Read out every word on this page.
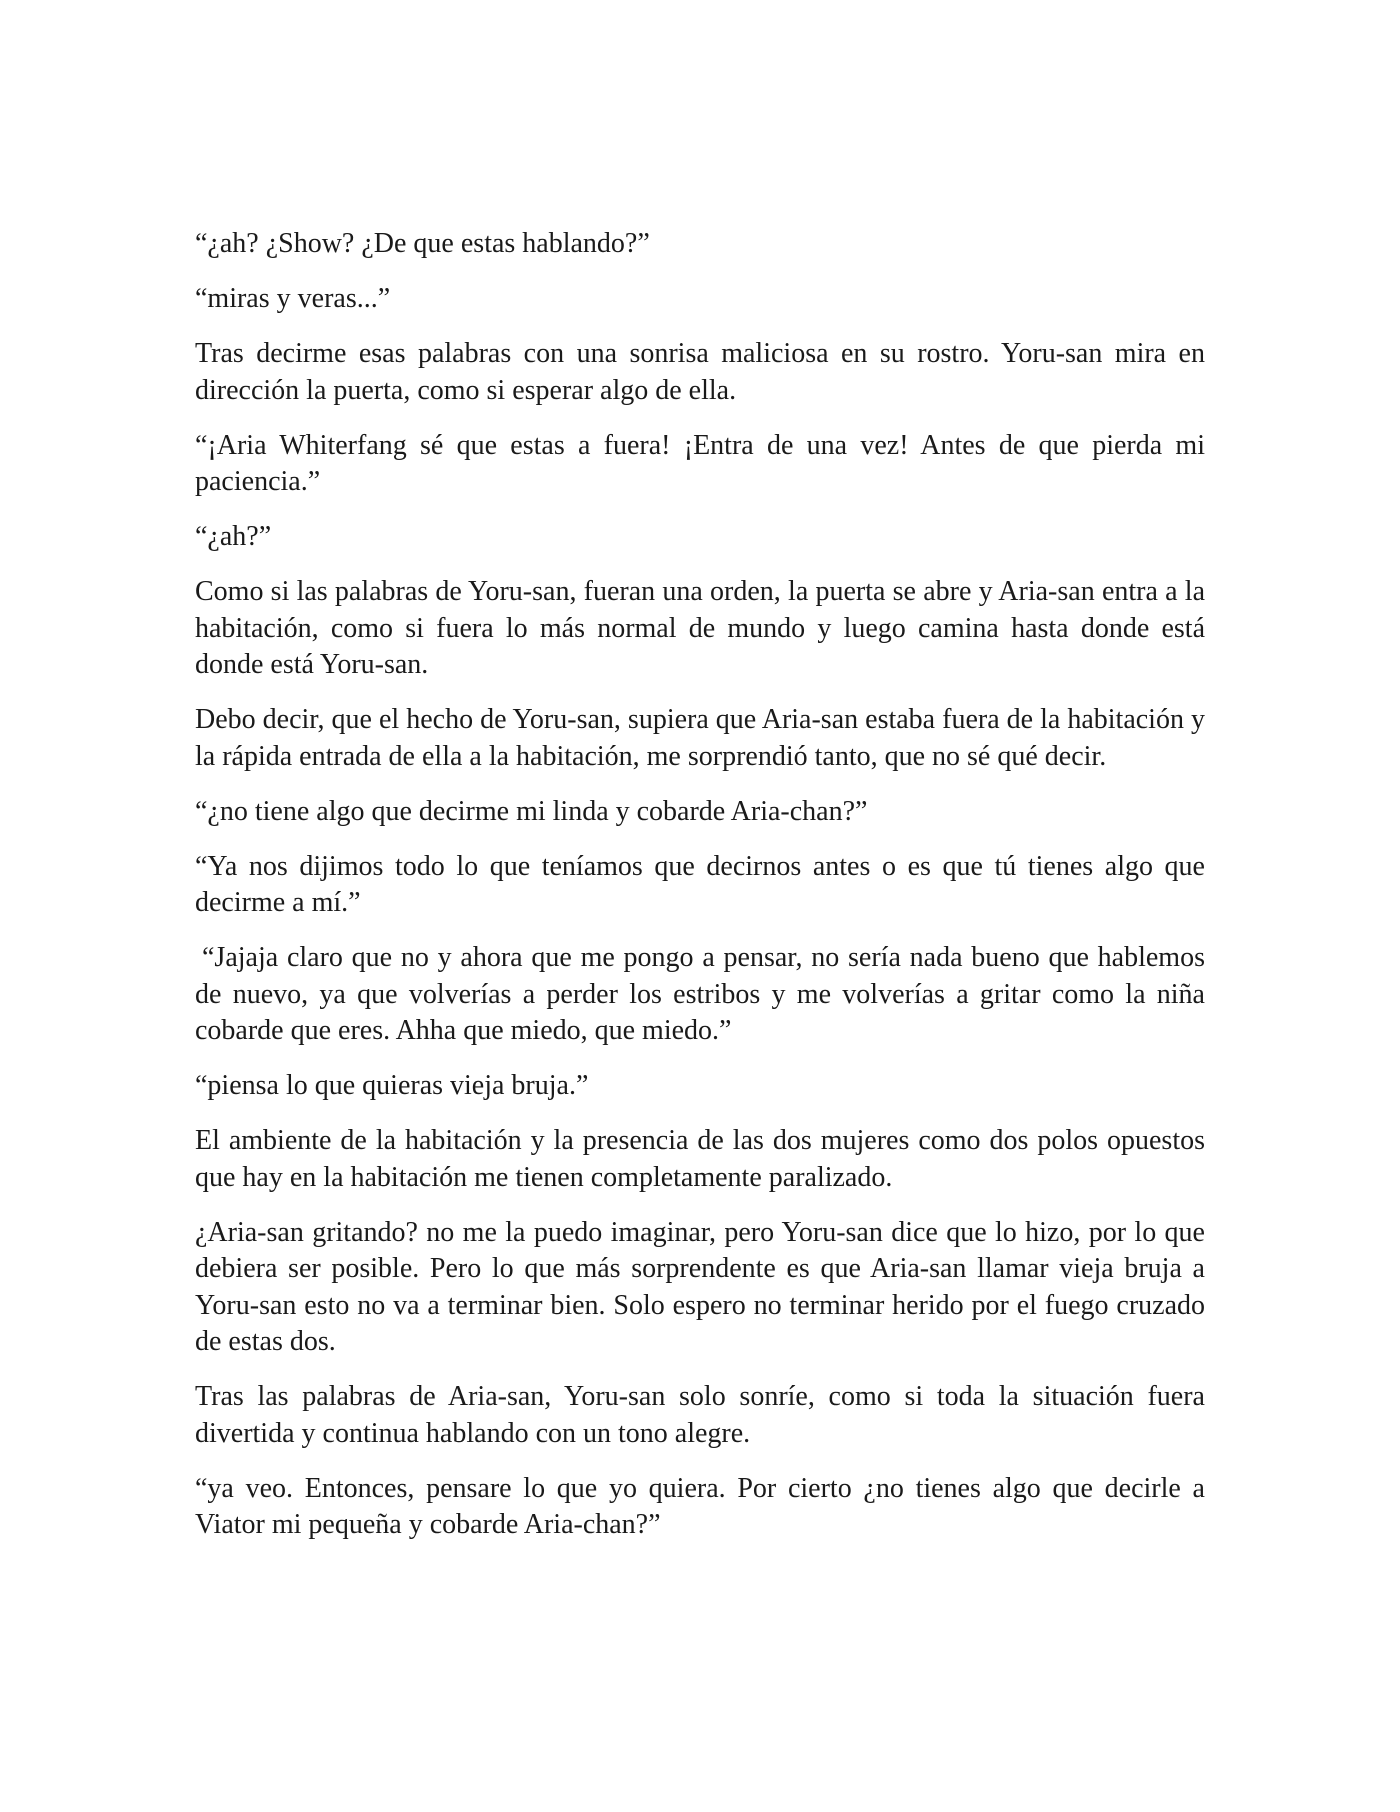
“¿ah? ¿Show? ¿De que estas hablando?”

“miras y veras...”

Tras decirme esas palabras con una sonrisa maliciosa en su rostro. Yoru-san mira en dirección la puerta, como si esperar algo de ella.

“¡Aria Whiterfang sé que estas a fuera! ¡Entra de una vez! Antes de que pierda mi paciencia.”

“¿ah?”

Como si las palabras de Yoru-san, fueran una orden, la puerta se abre y Aria-san entra a la habitación, como si fuera lo más normal de mundo y luego camina hasta donde está donde está Yoru-san.

Debo decir, que el hecho de Yoru-san, supiera que Aria-san estaba fuera de la habitación y la rápida entrada de ella a la habitación, me sorprendió tanto, que no sé qué decir.

“¿no tiene algo que decirme mi linda y cobarde Aria-chan?”

“Ya nos dijimos todo lo que teníamos que decirnos antes o es que tú tienes algo que decirme a mí.”

“Jajaja claro que no y ahora que me pongo a pensar, no sería nada bueno que hablemos de nuevo, ya que volverías a perder los estribos y me volverías a gritar como la niña cobarde que eres. Ahha que miedo, que miedo.”

“piensa lo que quieras vieja bruja.”

El ambiente de la habitación y la presencia de las dos mujeres como dos polos opuestos que hay en la habitación me tienen completamente paralizado.

¿Aria-san gritando? no me la puedo imaginar, pero Yoru-san dice que lo hizo, por lo que debiera ser posible. Pero lo que más sorprendente es que Aria-san llamar vieja bruja a Yoru-san esto no va a terminar bien. Solo espero no terminar herido por el fuego cruzado de estas dos.

Tras las palabras de Aria-san, Yoru-san solo sonríe, como si toda la situación fuera divertida y continua hablando con un tono alegre.

“ya veo. Entonces, pensare lo que yo quiera. Por cierto ¿no tienes algo que decirle a Viator mi pequeña y cobarde Aria-chan?”
